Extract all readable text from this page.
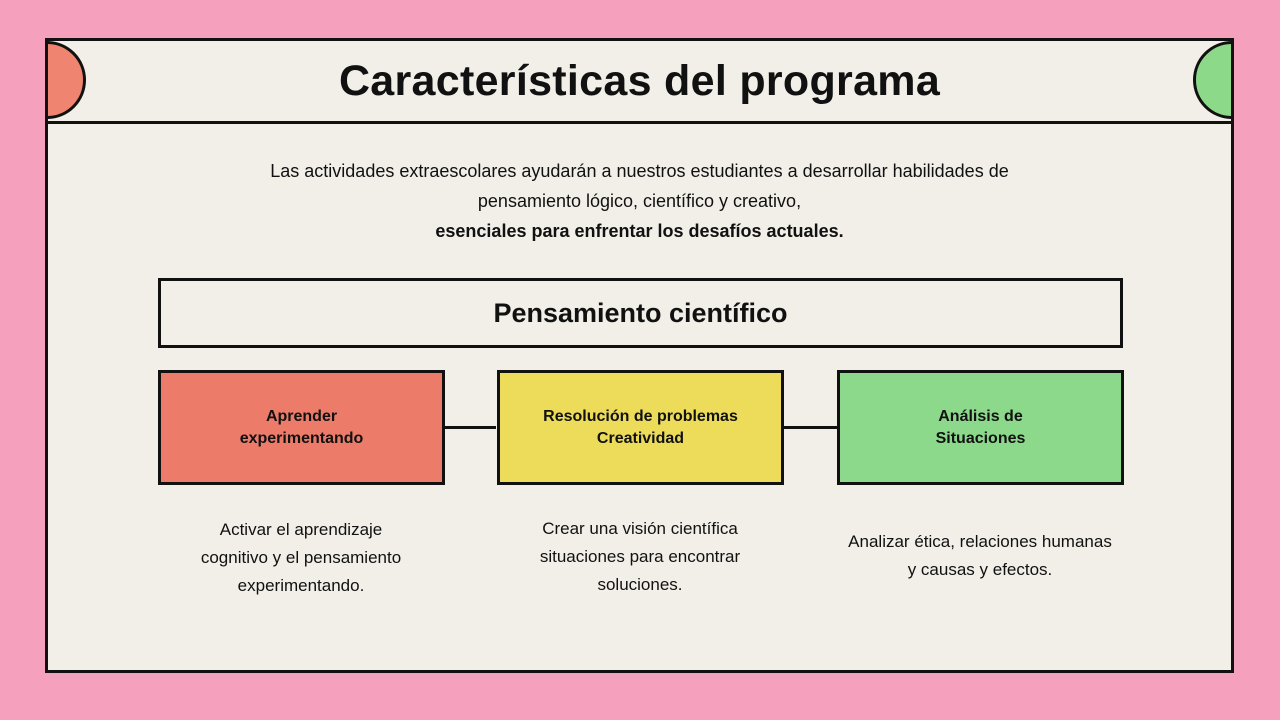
Características del programa
Las actividades extraescolares ayudarán a nuestros estudiantes a desarrollar habilidades de
pensamiento lógico, científico y creativo,
esenciales para enfrentar los desafíos actuales.
Pensamiento científico
Aprender
experimentando
Resolución de problemas
Creatividad
Análisis de
Situaciones
Activar el aprendizaje
cognitivo y el pensamiento
experimentando.
Crear una visión científica
situaciones para encontrar
soluciones.
Analizar ética, relaciones humanas
y causas y efectos.
